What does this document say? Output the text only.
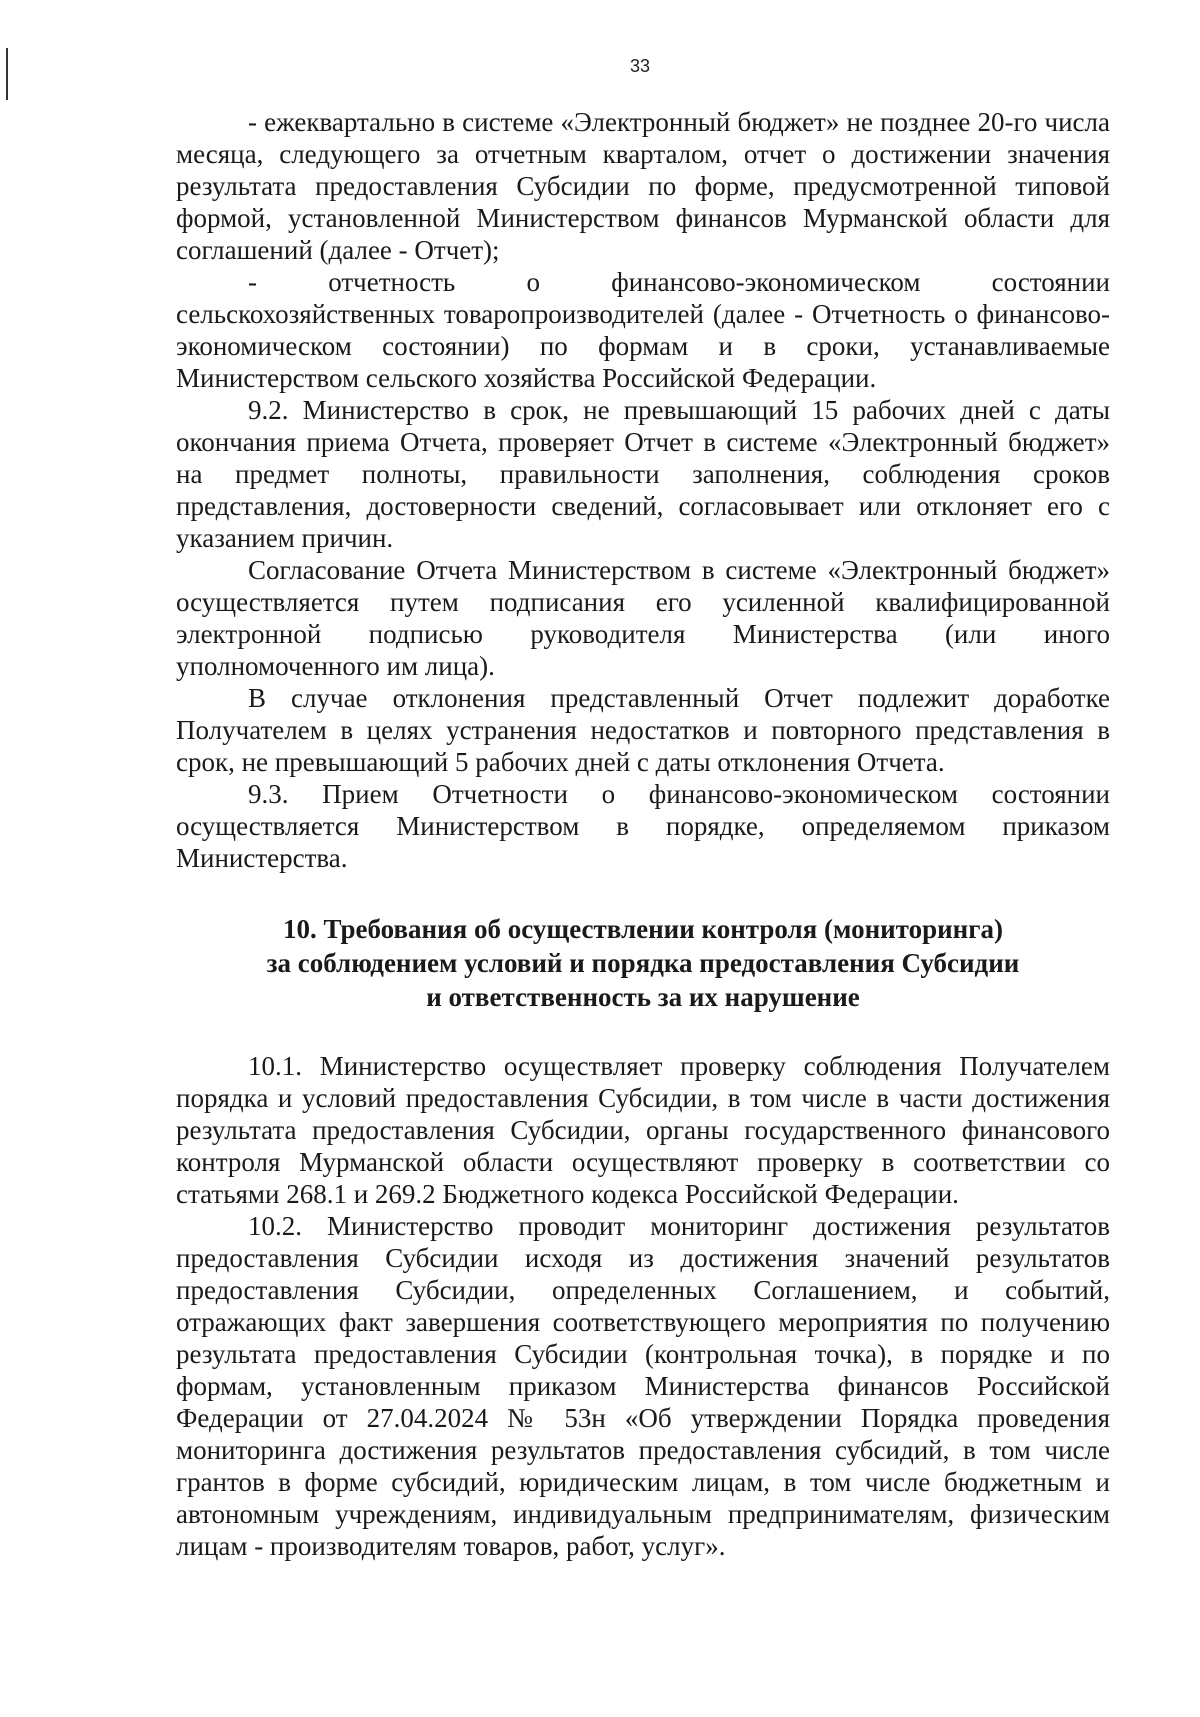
33

- ежеквартально в системе «Электронный бюджет» не позднее 20-го числа месяца, следующего за отчетным кварталом, отчет о достижении значения результата предоставления Субсидии по форме, предусмотренной типовой формой, установленной Министерством финансов Мурманской области для соглашений (далее - Отчет);

- отчетность о финансово-экономическом состоянии сельскохозяйственных товаропроизводителей (далее - Отчетность о финансово-экономическом состоянии) по формам и в сроки, устанавливаемые Министерством сельского хозяйства Российской Федерации.

9.2. Министерство в срок, не превышающий 15 рабочих дней с даты окончания приема Отчета, проверяет Отчет в системе «Электронный бюджет» на предмет полноты, правильности заполнения, соблюдения сроков представления, достоверности сведений, согласовывает или отклоняет его с указанием причин.

Согласование Отчета Министерством в системе «Электронный бюджет» осуществляется путем подписания его усиленной квалифицированной электронной подписью руководителя Министерства (или иного уполномоченного им лица).

В случае отклонения представленный Отчет подлежит доработке Получателем в целях устранения недостатков и повторного представления в срок, не превышающий 5 рабочих дней с даты отклонения Отчета.

9.3. Прием Отчетности о финансово-экономическом состоянии осуществляется Министерством в порядке, определяемом приказом Министерства.

10. Требования об осуществлении контроля (мониторинга)
за соблюдением условий и порядка предоставления Субсидии
и ответственность за их нарушение

10.1. Министерство осуществляет проверку соблюдения Получателем порядка и условий предоставления Субсидии, в том числе в части достижения результата предоставления Субсидии, органы государственного финансового контроля Мурманской области осуществляют проверку в соответствии со статьями 268.1 и 269.2 Бюджетного кодекса Российской Федерации.

10.2. Министерство проводит мониторинг достижения результатов предоставления Субсидии исходя из достижения значений результатов предоставления Субсидии, определенных Соглашением, и событий, отражающих факт завершения соответствующего мероприятия по получению результата предоставления Субсидии (контрольная точка), в порядке и по формам, установленным приказом Министерства финансов Российской Федерации от 27.04.2024 № 53н «Об утверждении Порядка проведения мониторинга достижения результатов предоставления субсидий, в том числе грантов в форме субсидий, юридическим лицам, в том числе бюджетным и автономным учреждениям, индивидуальным предпринимателям, физическим лицам - производителям товаров, работ, услуг».
